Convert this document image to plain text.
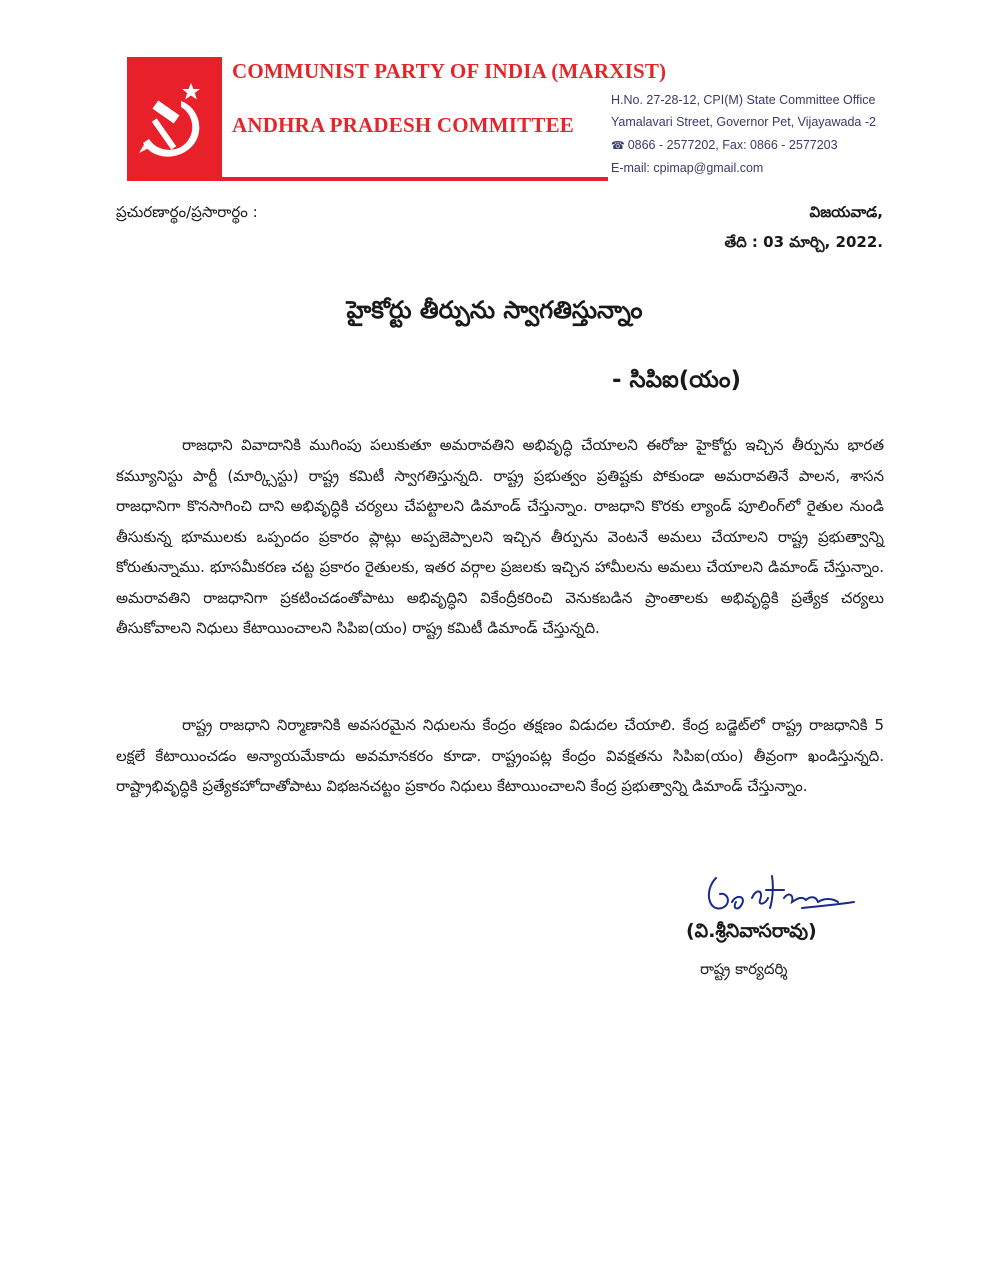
COMMUNIST PARTY OF INDIA (MARXIST)
ANDHRA PRADESH COMMITTEE
H.No. 27-28-12, CPI(M) State Committee Office
Yamalavari Street, Governor Pet, Vijayawada -2
☎ 0866 - 2577202, Fax: 0866 - 2577203
E-mail: cpimap@gmail.com
ప్రచురణార్థం/ప్రసారార్థం :	విజయవాడ,
తేది : 03 మార్చి, 2022.
హైకోర్టు తీర్పును స్వాగతిస్తున్నాం
- సిపిఐ(యం)
రాజధాని వివాదానికి ముగింపు పలుకుతూ అమరావతిని అభివృద్ధి చేయాలని ఈరోజు హైకోర్టు ఇచ్చిన తీర్పును భారత కమ్యూనిస్టు పార్టీ (మార్క్సిస్టు) రాష్ట్ర కమిటీ స్వాగతిస్తున్నది. రాష్ట్ర ప్రభుత్వం ప్రతిష్టకు పోకుండా అమరావతినే పాలన, శాసన రాజధానిగా కొనసాగించి దాని అభివృద్ధికి చర్యలు చేపట్టాలని డిమాండ్ చేస్తున్నాం. రాజధాని కొరకు ల్యాండ్ పూలింగ్‌లో రైతుల నుండి తీసుకున్న భూములకు ఒప్పందం ప్రకారం ప్లాట్లు అప్పజెప్పాలని ఇచ్చిన తీర్పును వెంటనే అమలు చేయాలని రాష్ట్ర ప్రభుత్వాన్ని కోరుతున్నాము. భూసమీకరణ చట్ట ప్రకారం రైతులకు, ఇతర వర్గాల ప్రజలకు ఇచ్చిన హామీలను అమలు చేయాలని డిమాండ్ చేస్తున్నాం. అమరావతిని రాజధానిగా ప్రకటించడంతోపాటు అభివృద్ధిని వికేంద్రీకరించి వెనుకబడిన ప్రాంతాలకు అభివృద్ధికి ప్రత్యేక చర్యలు తీసుకోవాలని నిధులు కేటాయించాలని సిపిఐ(యం) రాష్ట్ర కమిటీ డిమాండ్ చేస్తున్నది.
రాష్ట్ర రాజధాని నిర్మాణానికి అవసరమైన నిధులను కేంద్రం తక్షణం విడుదల చేయాలి. కేంద్ర బడ్జెట్‌లో రాష్ట్ర రాజధానికి 5 లక్షలే కేటాయించడం అన్యాయమేకాదు అవమానకరం కూడా. రాష్ట్రంపట్ల కేంద్రం వివక్షతను సిపిఐ(యం) తీవ్రంగా ఖండిస్తున్నది. రాష్ట్రాభివృద్ధికి ప్రత్యేకహోదాతోపాటు విభజనచట్టం ప్రకారం నిధులు కేటాయించాలని కేంద్ర ప్రభుత్వాన్ని డిమాండ్ చేస్తున్నాం.
(వి.శ్రీనివాసరావు)
రాష్ట్ర కార్యదర్శి
